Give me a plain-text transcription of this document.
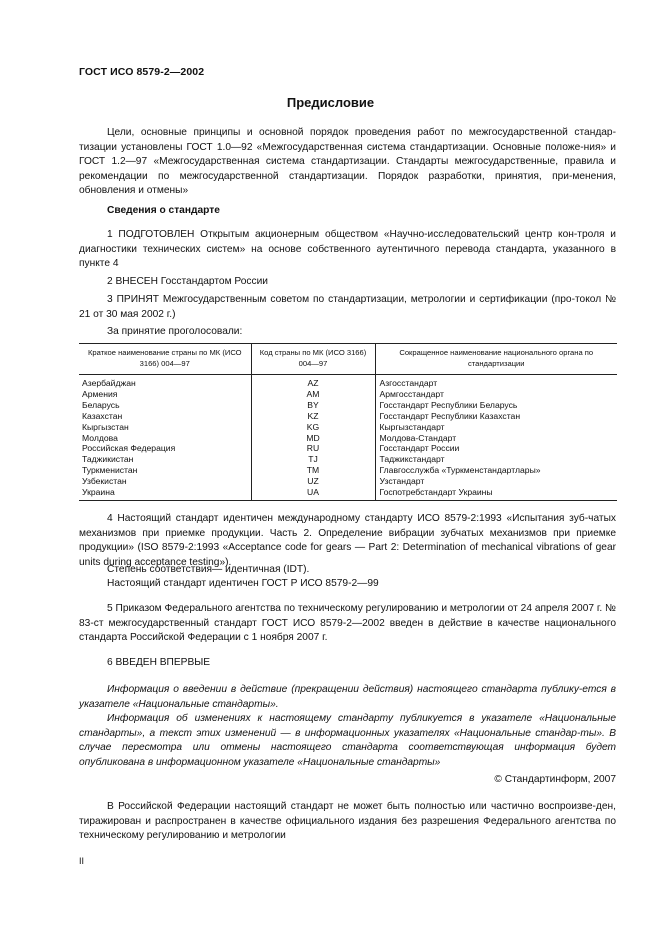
ГОСТ ИСО 8579-2—2002
Предисловие

Цели, основные принципы и основной порядок проведения работ по межгосударственной стандар-тизации установлены ГОСТ 1.0—92 «Межгосударственная система стандартизации. Основные положе-ния» и ГОСТ 1.2—97 «Межгосударственная система стандартизации. Стандарты межгосударственные, правила и рекомендации по межгосударственной стандартизации. Порядок разработки, принятия, при-менения, обновления и отмены»

Сведения о стандарте

1 ПОДГОТОВЛЕН Открытым акционерным обществом «Научно-исследовательский центр кон-троля и диагностики технических систем» на основе собственного аутентичного перевода стандарта, указанного в пункте 4

2 ВНЕСЕН Госстандартом России

3 ПРИНЯТ Межгосударственным советом по стандартизации, метрологии и сертификации (про-токол № 21 от 30 мая 2002 г.)

За принятие проголосовали:

Краткое наименование страны по МК (ИСО 3166) 004—97	Код страны по МК (ИСО 3166) 004—97	Сокращенное наименование национального органа по стандартизации
Азербайджан	AZ	Азгосстандарт
Армения	AM	Армгосстандарт
Беларусь	BY	Госстандарт Республики Беларусь
Казахстан	KZ	Госстандарт Республики Казахстан
Кыргызстан	KG	Кыргызстандарт
Молдова	MD	Молдова-Стандарт
Российская Федерация	RU	Госстандарт России
Таджикистан	TJ	Таджикстандарт
Туркменистан	TM	Главгосслужба «Туркменстандартлары»
Узбекистан	UZ	Узстандарт
Украина	UA	Госпотребстандарт Украины

4 Настоящий стандарт идентичен международному стандарту ИСО 8579-2:1993 «Испытания зуб-чатых механизмов при приемке продукции. Часть 2. Определение вибрации зубчатых механизмов при приемке продукции» (ISO 8579-2:1993 «Acceptance code for gears — Part 2: Determination of mechanical vibrations of gear units during acceptance testing»).

Степень соответствия— идентичная (IDT).

Настоящий стандарт идентичен ГОСТ Р ИСО 8579-2—99

5 Приказом Федерального агентства по техническому регулированию и метрологии от 24 апреля 2007 г. № 83-ст межгосударственный стандарт ГОСТ ИСО 8579-2—2002 введен в действие в качестве национального стандарта Российской Федерации с 1 ноября 2007 г.

6 ВВЕДЕН ВПЕРВЫЕ

Информация о введении в действие (прекращении действия) настоящего стандарта публику-ется в указателе «Национальные стандарты».

Информация об изменениях к настоящему стандарту публикуется в указателе «Национальные стандарты», а текст этих изменений — в информационных указателях «Национальные стандар-ты». В случае пересмотра или отмены настоящего стандарта соответствующая информация будет опубликована в информационном указателе «Национальные стандарты»

© Стандартинформ, 2007

В Российской Федерации настоящий стандарт не может быть полностью или частично воспроизве-ден, тиражирован и распространен в качестве официального издания без разрешения Федерального агентства по техническому регулированию и метрологии

II
